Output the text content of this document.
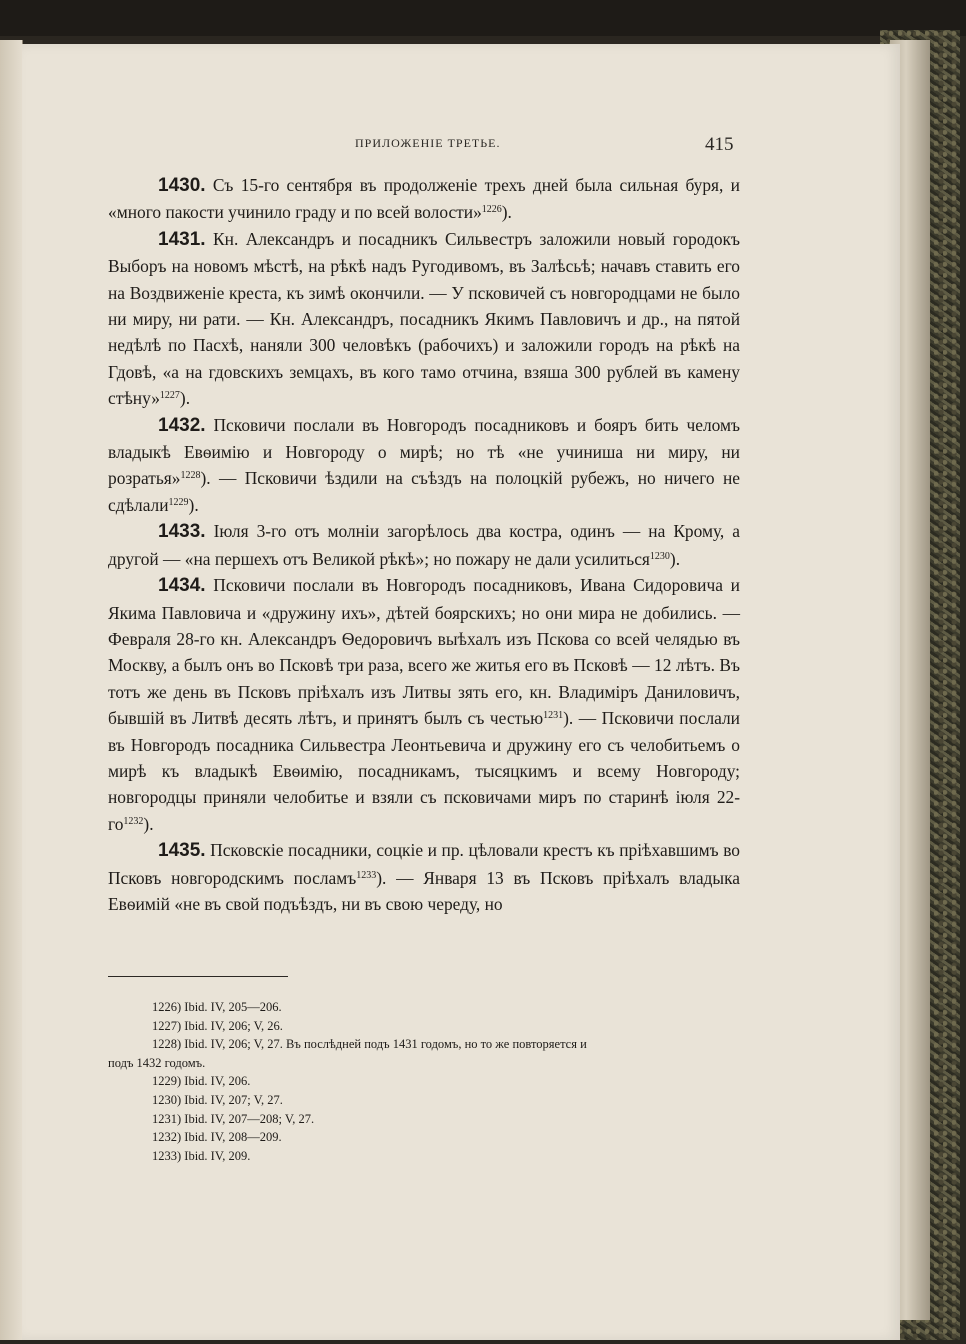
ПРИЛОЖЕНІЕ ТРЕТЬЕ.	415

1430. Съ 15-го сентября въ продолженіе трехъ дней была сильная буря, и «много пакости учинило граду и по всей волости»$^{1226}$).

1431. Кн. Александръ и посадникъ Сильвестръ заложили новый городокъ Выборъ на новомъ мѣстѣ, на рѣкѣ надъ Ругодивомъ, въ Залѣсьѣ; начавъ ставить его на Воздвиженіе креста, къ зимѣ окончили. — У псковичей съ новгородцами не было ни миру, ни рати. — Кн. Александръ, посадникъ Якимъ Павловичъ и др., на пятой недѣлѣ по Пасхѣ, наняли 300 человѣкъ (рабочихъ) и заложили городъ на рѣкѣ на Гдовѣ, «а на гдовскихъ земцахъ, въ кого тамо отчина, взяша 300 рублей въ камену стѣну»$^{1227}$).

1432. Псковичи послали въ Новгородъ посадниковъ и бояръ бить челомъ владыкѣ Евѳимію и Новгороду о мирѣ; но тѣ «не учиниша ни миру, ни розратья»$^{1228}$). — Псковичи ѣздили на съѣздъ на полоцкій рубежъ, но ничего не сдѣлали$^{1229}$).

1433. Іюля 3-го отъ молніи загорѣлось два костра, одинъ — на Крому, а другой — «на першехъ отъ Великой рѣкѣ»; но пожару не дали усилиться$^{1230}$).

1434. Псковичи послали въ Новгородъ посадниковъ, Ивана Сидоровича и Якима Павловича и «дружину ихъ», дѣтей боярскихъ; но они мира не добились. — Февраля 28-го кн. Александръ Ѳедоровичъ выѣхалъ изъ Пскова со всей челядью въ Москву, а былъ онъ во Псковѣ три раза, всего же житья его въ Псковѣ — 12 лѣтъ. Въ тотъ же день въ Псковъ пріѣхалъ изъ Литвы зять его, кн. Владиміръ Даниловичъ, бывшій въ Литвѣ десять лѣтъ, и принятъ былъ съ честью$^{1231}$). — Псковичи послали въ Новгородъ посадника Сильвестра Леонтьевича и дружину его съ челобитьемъ о мирѣ къ владыкѣ Евѳимію, посадникамъ, тысяцкимъ и всему Новгороду; новгородцы приняли челобитье и взяли съ псковичами миръ по старинѣ іюля $22-го^{1232}$).

1435. Псковскіе посадники, соцкіе и пр. цѣловали крестъ къ пріѣхавшимъ во Псковъ новгородскимъ посламъ$^{1233}$). — Января 13 въ Псковъ пріѣхалъ владыка Евѳимій «не въ свой подъѣздъ, ни въ свою череду, но

1226) Ibid. IV, 205—206.

1227) Ibid. IV, 206; V, 26.

1228) Ibid. IV, 206; V, 27. Въ послѣдней подъ 1431 годомъ, но то же повторяется и
подъ 1432 годомъ.

1229) Ibid. IV, 206.

1230) Ibid. IV, 207; V, 27.

1231) Ibid. IV, 207—208; V, 27.

1232) Ibid. IV, 208—209.

1233) Ibid. IV, 209.
